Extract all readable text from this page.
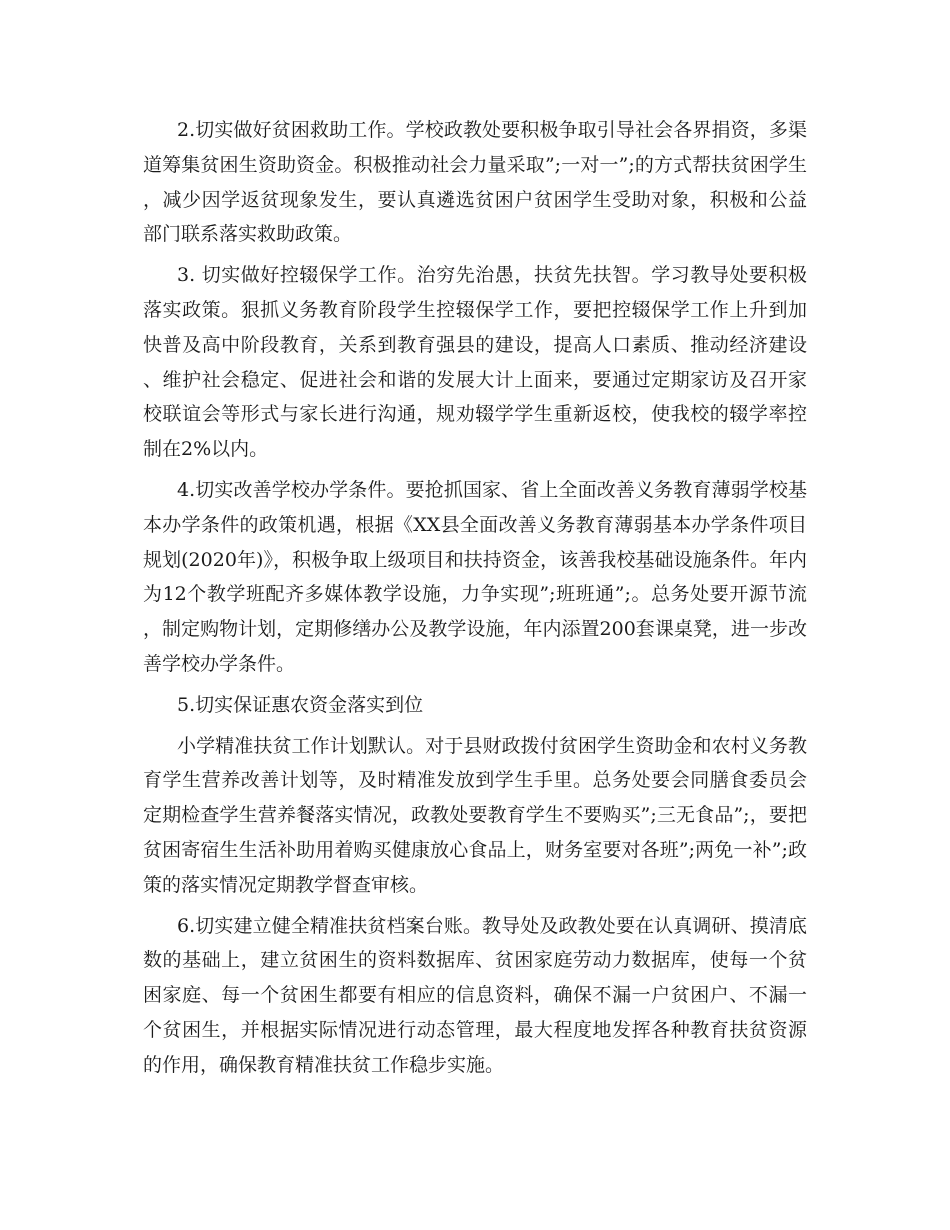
2.切实做好贫困救助工作。学校政教处要积极争取引导社会各界捐资，多渠道筹集贫困生资助资金。积极推动社会力量采取”;一对一”;的方式帮扶贫困学生，减少因学返贫现象发生，要认真遴选贫困户贫困学生受助对象，积极和公益部门联系落实救助政策。

3. 切实做好控辍保学工作。治穷先治愚，扶贫先扶智。学习教导处要积极落实政策。狠抓义务教育阶段学生控辍保学工作，要把控辍保学工作上升到加快普及高中阶段教育，关系到教育强县的建设，提高人口素质、推动经济建设、维护社会稳定、促进社会和谐的发展大计上面来，要通过定期家访及召开家校联谊会等形式与家长进行沟通，规劝辍学学生重新返校，使我校的辍学率控制在2%以内。

4.切实改善学校办学条件。要抢抓国家、省上全面改善义务教育薄弱学校基本办学条件的政策机遇，根据《XX县全面改善义务教育薄弱基本办学条件项目规划(2020年)》，积极争取上级项目和扶持资金，该善我校基础设施条件。年内为12个教学班配齐多媒体教学设施，力争实现”;班班通”;。总务处要开源节流，制定购物计划，定期修缮办公及教学设施，年内添置200套课桌凳，进一步改善学校办学条件。

5.切实保证惠农资金落实到位

小学精准扶贫工作计划默认。对于县财政拨付贫困学生资助金和农村义务教育学生营养改善计划等，及时精准发放到学生手里。总务处要会同膳食委员会定期检查学生营养餐落实情况，政教处要教育学生不要购买”;三无食品”;，要把贫困寄宿生生活补助用着购买健康放心食品上，财务室要对各班”;两免一补”;政策的落实情况定期教学督查审核。

6.切实建立健全精准扶贫档案台账。教导处及政教处要在认真调研、摸清底数的基础上，建立贫困生的资料数据库、贫困家庭劳动力数据库，使每一个贫困家庭、每一个贫困生都要有相应的信息资料，确保不漏一户贫困户、不漏一个贫困生，并根据实际情况进行动态管理，最大程度地发挥各种教育扶贫资源的作用，确保教育精准扶贫工作稳步实施。
